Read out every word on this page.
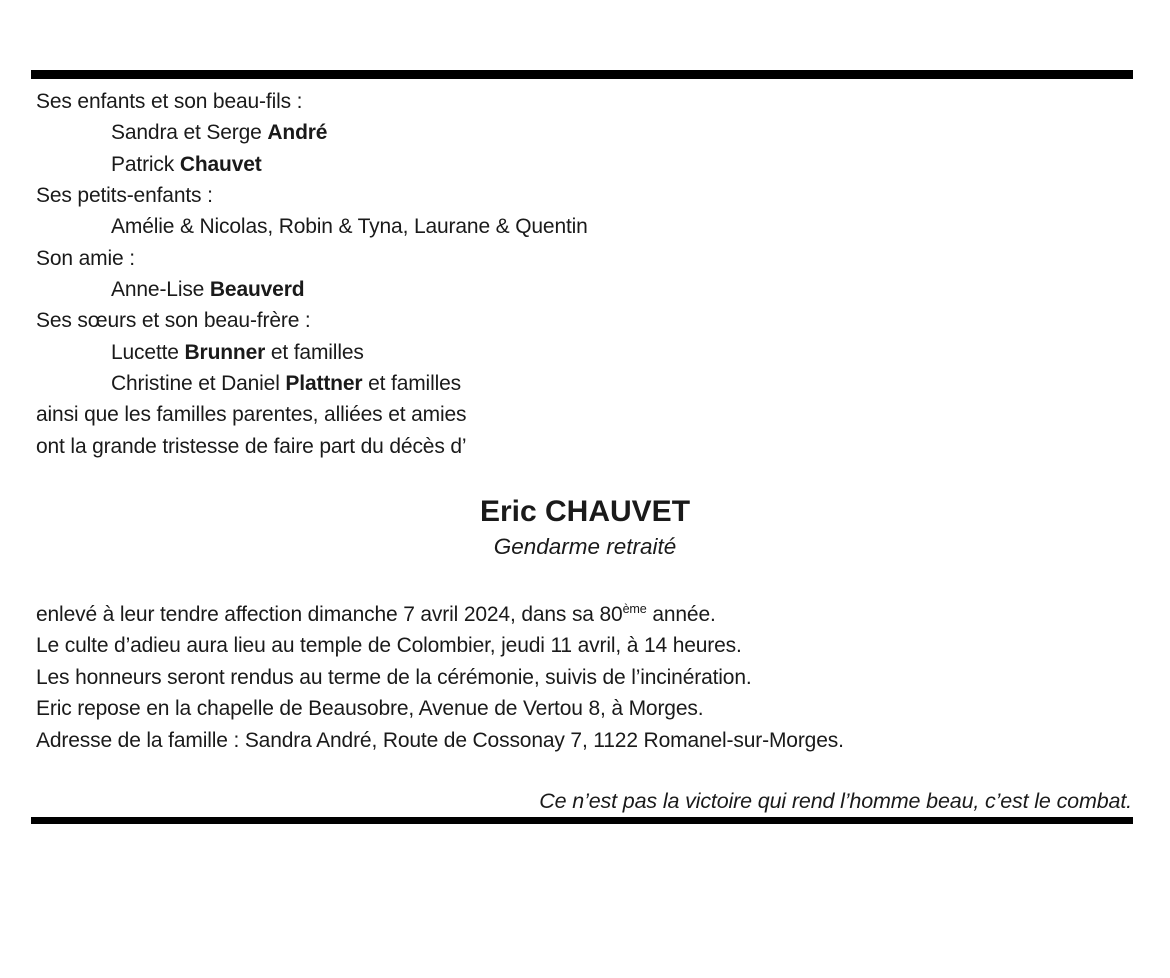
Ses enfants et son beau-fils :
Sandra et Serge André
Patrick Chauvet
Ses petits-enfants :
Amélie & Nicolas, Robin & Tyna, Laurane & Quentin
Son amie :
Anne-Lise Beauverd
Ses sœurs et son beau-frère :
Lucette Brunner et familles
Christine et Daniel Plattner et familles
ainsi que les familles parentes, alliées et amies
ont la grande tristesse de faire part du décès d’
Eric CHAUVET
Gendarme retraité
enlevé à leur tendre affection dimanche 7 avril 2024, dans sa 80ème année.
Le culte d’adieu aura lieu au temple de Colombier, jeudi 11 avril, à 14 heures.
Les honneurs seront rendus au terme de la cérémonie, suivis de l’incinération.
Eric repose en la chapelle de Beausobre, Avenue de Vertou 8, à Morges.
Adresse de la famille : Sandra André, Route de Cossonay 7, 1122 Romanel-sur-Morges.
Ce n’est pas la victoire qui rend l’homme beau, c’est le combat.
